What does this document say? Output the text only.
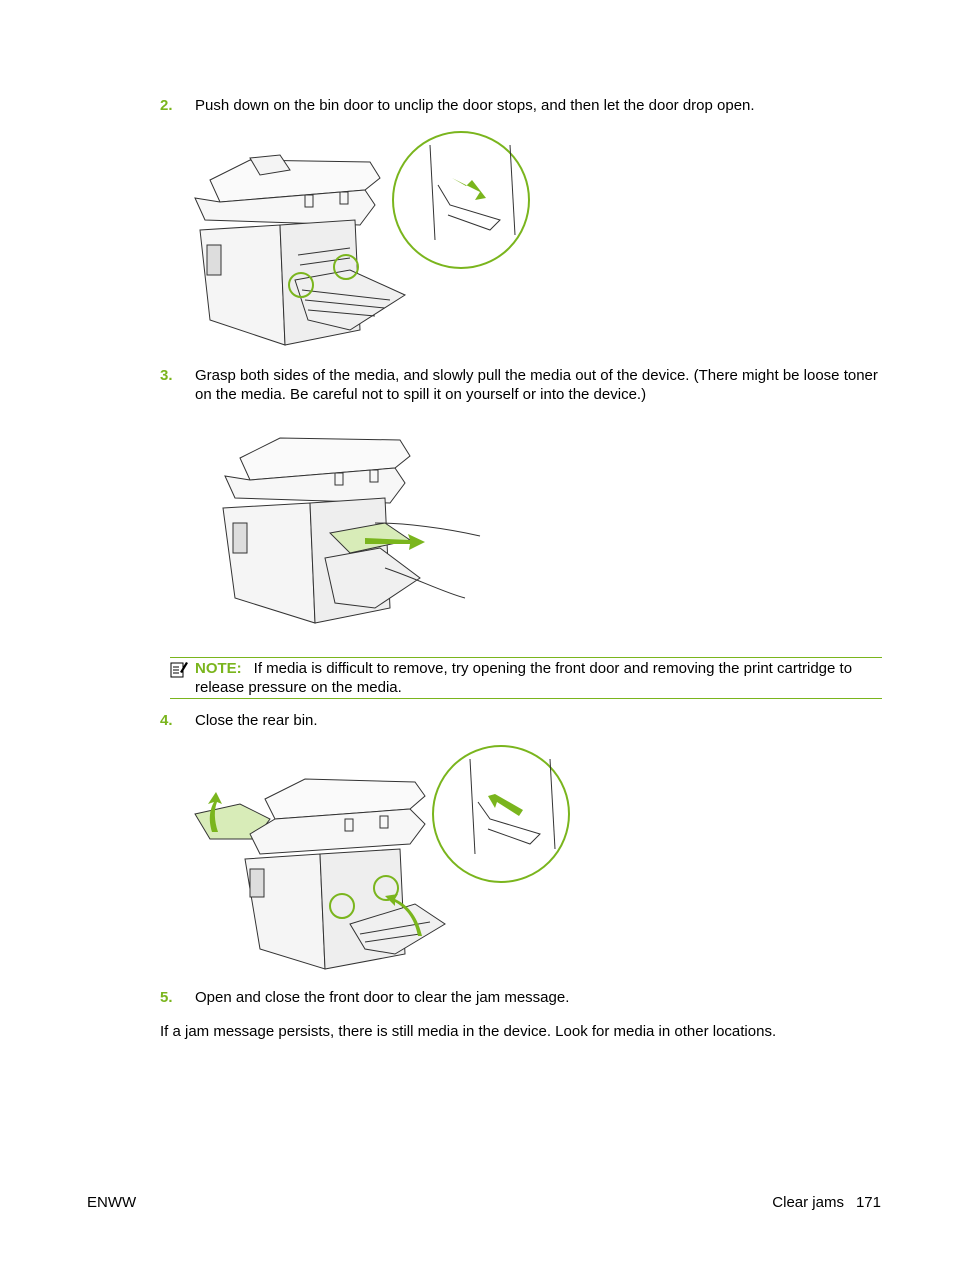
2. Push down on the bin door to unclip the door stops, and then let the door drop open.
3. Grasp both sides of the media, and slowly pull the media out of the device. (There might be loose toner on the media. Be careful not to spill it on yourself or into the device.)
NOTE: If media is difficult to remove, try opening the front door and removing the print cartridge to release pressure on the media.
4. Close the rear bin.
5. Open and close the front door to clear the jam message.
If a jam message persists, there is still media in the device. Look for media in other locations.
ENWW	Clear jams 171
